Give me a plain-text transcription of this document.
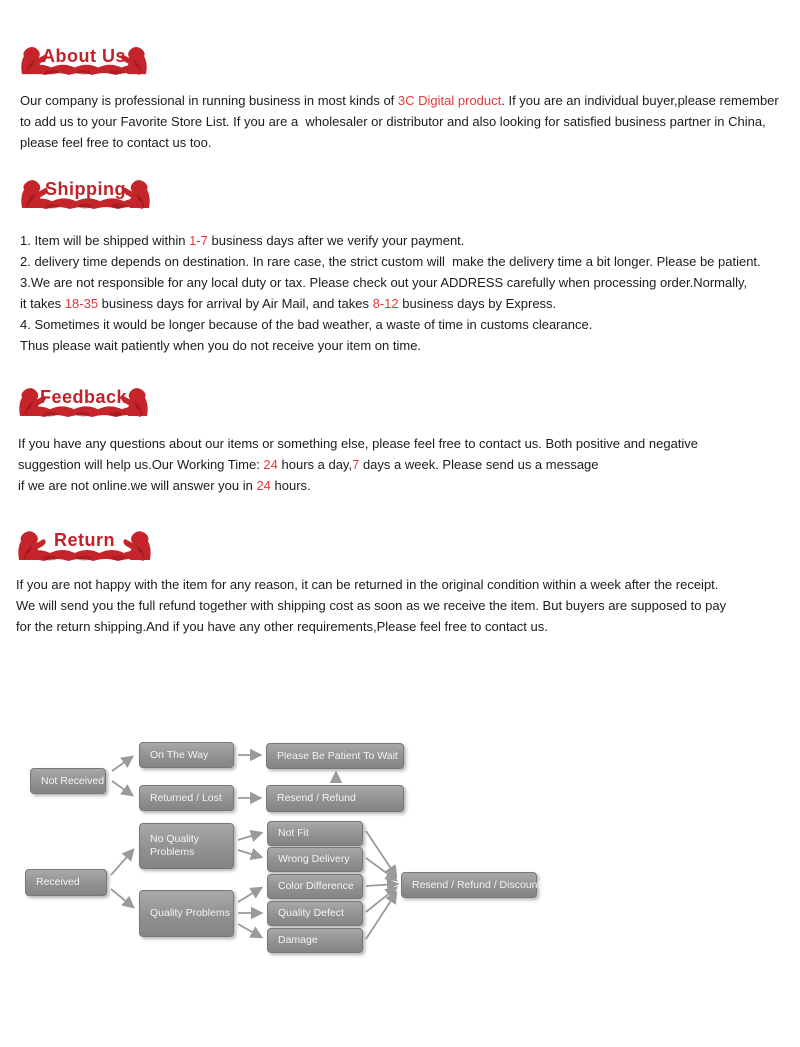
About Us
Our company is professional in running business in most kinds of 3C Digital product. If you are an individual buyer,please remember
to add us to your Favorite Store List. If you are a  wholesaler or distributor and also looking for satisfied business partner in China,
please feel free to contact us too.
Shipping
1. Item will be shipped within 1-7 business days after we verify your payment.
2. delivery time depends on destination. In rare case, the strict custom will  make the delivery time a bit longer. Please be patient.
3.We are not responsible for any local duty or tax. Please check out your ADDRESS carefully when processing order.Normally,
it takes 18-35 business days for arrival by Air Mail, and takes 8-12 business days by Express.
4. Sometimes it would be longer because of the bad weather, a waste of time in customs clearance.
Thus please wait patiently when you do not receive your item on time.
Feedback
If you have any questions about our items or something else, please feel free to contact us. Both positive and negative
suggestion will help us.Our Working Time: 24 hours a day,7 days a week. Please send us a message
if we are not online.we will answer you in 24 hours.
Return
If you are not happy with the item for any reason, it can be returned in the original condition within a week after the receipt.
We will send you the full refund together with shipping cost as soon as we receive the item. But buyers are supposed to pay
for the return shipping.And if you have any other requirements,Please feel free to contact us.
Not Received
On The Way
Returned / Lost
Please Be Patient To Wait
Resend / Refund
Received
No Quality Problems
Quality Problems
Not Fit
Wrong Delivery
Color Difference
Quality Defect
Damage
Resend / Refund / Discount
